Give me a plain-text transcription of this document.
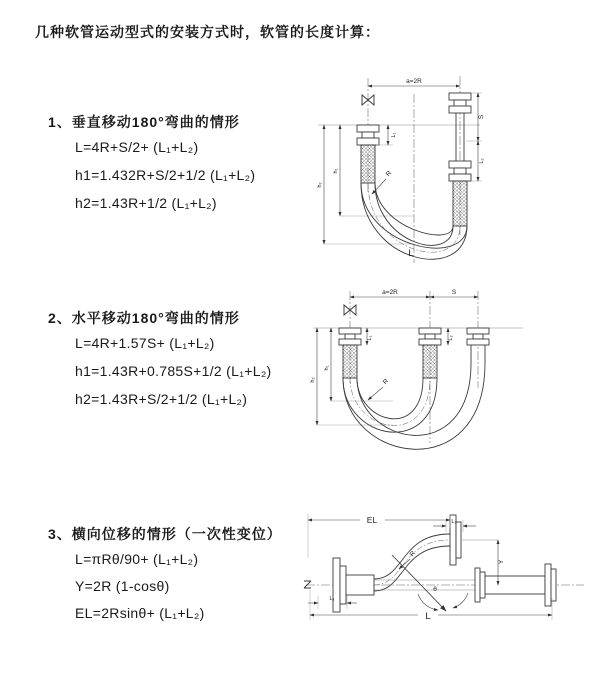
几种软管运动型式的安装方式时，软管的长度计算：
1、垂直移动180°弯曲的情形
L=4R+S/2+ (L₁+L₂)
h1=1.432R+S/2+1/2 (L₁+L₂)
h2=1.43R+1/2 (L₁+L₂)
2、水平移动180°弯曲的情形
L=4R+1.57S+ (L₁+L₂)
h1=1.43R+0.785S+1/2 (L₁+L₂)
h2=1.43R+S/2+1/2 (L₁+L₂)
3、横向位移的情形（一次性变位）
L=πRθ/90+ (L₁+L₂)
Y=2R (1-cosθ)
EL=2Rsinθ+ (L₁+L₂)
a=2R
L₁
S
L₂
h₁
h₂
R
L
a=2R	S
L₁	L₂
h₁
h₂	R
EL	L₂
Y
θ
R
L₁
L
